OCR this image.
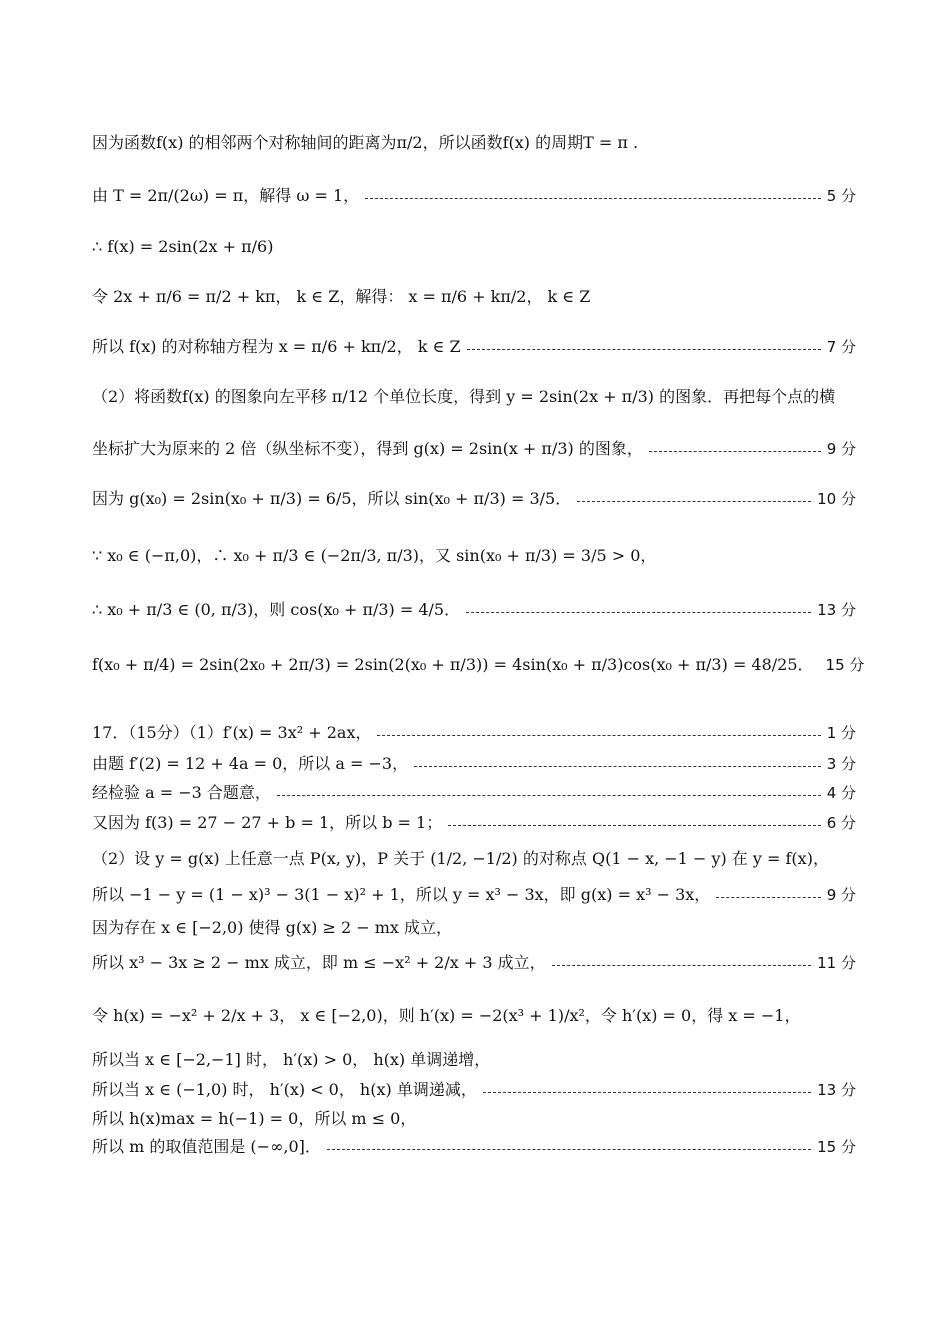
因为函数f(x) 的相邻两个对称轴间的距离为π/2，所以函数f(x) 的周期T = π .
由 T = 2π/(2ω) = π，解得 ω = 1，	5 分
∴ f(x) = 2sin(2x + π/6)
令 2x + π/6 = π/2 + kπ， k ∈ Z，解得： x = π/6 + kπ/2， k ∈ Z
所以 f(x) 的对称轴方程为 x = π/6 + kπ/2， k ∈ Z	7 分
（2）将函数f(x) 的图象向左平移 π/12 个单位长度，得到 y = 2sin(2x + π/3) 的图象．再把每个点的横
坐标扩大为原来的 2 倍（纵坐标不变），得到 g(x) = 2sin(x + π/3) 的图象，	9 分
因为 g(x₀) = 2sin(x₀ + π/3) = 6/5，所以 sin(x₀ + π/3) = 3/5．	10 分
∵ x₀ ∈ (−π,0)，∴ x₀ + π/3 ∈ (−2π/3, π/3)，又 sin(x₀ + π/3) = 3/5 > 0，
∴ x₀ + π/3 ∈ (0, π/3)，则 cos(x₀ + π/3) = 4/5．	13 分
f(x₀ + π/4) = 2sin(2x₀ + 2π/3) = 2sin(2(x₀ + π/3)) = 4sin(x₀ + π/3)cos(x₀ + π/3) = 48/25． 15 分
17．（15分）（1）f′(x) = 3x² + 2ax，	1 分
由题 f′(2) = 12 + 4a = 0，所以 a = −3，	3 分
经检验 a = −3 合题意，	4 分
又因为 f(3) = 27 − 27 + b = 1，所以 b = 1；	6 分
（2）设 y = g(x) 上任意一点 P(x, y)，P 关于 (1/2, −1/2) 的对称点 Q(1 − x, −1 − y) 在 y = f(x)，
所以 −1 − y = (1 − x)³ − 3(1 − x)² + 1，所以 y = x³ − 3x，即 g(x) = x³ − 3x，	9 分
因为存在 x ∈ [−2,0) 使得 g(x) ≥ 2 − mx 成立，
所以 x³ − 3x ≥ 2 − mx 成立，即 m ≤ −x² + 2/x + 3 成立，	11 分
令 h(x) = −x² + 2/x + 3， x ∈ [−2,0)，则 h′(x) = −2(x³ + 1)/x²，令 h′(x) = 0，得 x = −1，
所以当 x ∈ [−2,−1] 时， h′(x) > 0， h(x) 单调递增，
所以当 x ∈ (−1,0) 时， h′(x) < 0， h(x) 单调递减，	13 分
所以 h(x)max = h(−1) = 0，所以 m ≤ 0，
所以 m 的取值范围是 (−∞,0]．	15 分
